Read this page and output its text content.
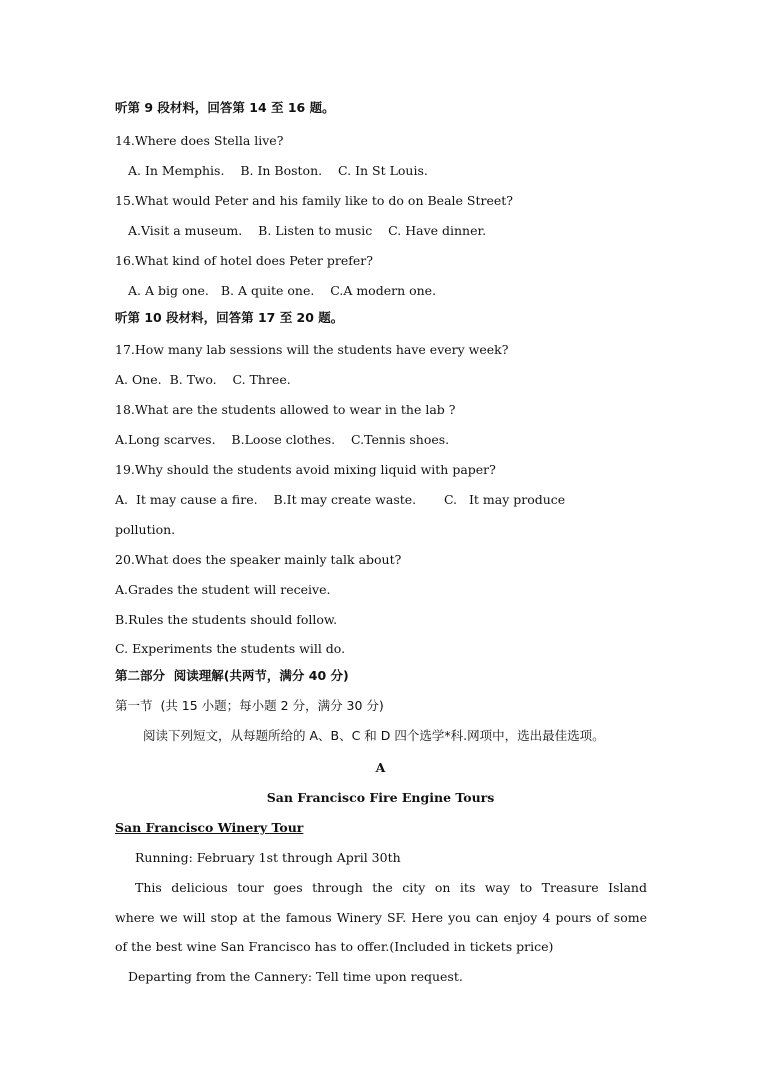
听第 9 段材料，回答第 14 至 16 题。
14.Where does Stella live?
A. In Memphis.    B. In Boston.    C. In St Louis.
15.What would Peter and his family like to do on Beale Street?
A.Visit a museum.    B. Listen to music    C. Have dinner.
16.What kind of hotel does Peter prefer?
A. A big one.   B. A quite one.    C.A modern one.
听第 10 段材料，回答第 17 至 20 题。
17.How many lab sessions will the students have every week?
A. One.  B. Two.    C. Three.
18.What are the students allowed to wear in the lab ?
A.Long scarves.    B.Loose clothes.    C.Tennis shoes.
19.Why should the students avoid mixing liquid with paper?
A.  It may cause a fire.    B.It may create waste.       C.   It may produce
pollution.
20.What does the speaker mainly talk about?
A.Grades the student will receive.
B.Rules the students should follow.
C. Experiments the students will do.
第二部分  阅读理解(共两节，满分 40 分)
第一节  (共 15 小题；每小题 2 分，满分 30 分)
阅读下列短文，从每题所给的 A、B、C 和 D 四个选学*科.网项中，选出最佳选项。
A
San Francisco Fire Engine Tours
San Francisco Winery Tour
Running: February 1st through April 30th
This delicious tour goes through the city on its way to Treasure Island
where we will stop at the famous Winery SF. Here you can enjoy 4 pours of some
of the best wine San Francisco has to offer.(Included in tickets price)
Departing from the Cannery: Tell time upon request.
